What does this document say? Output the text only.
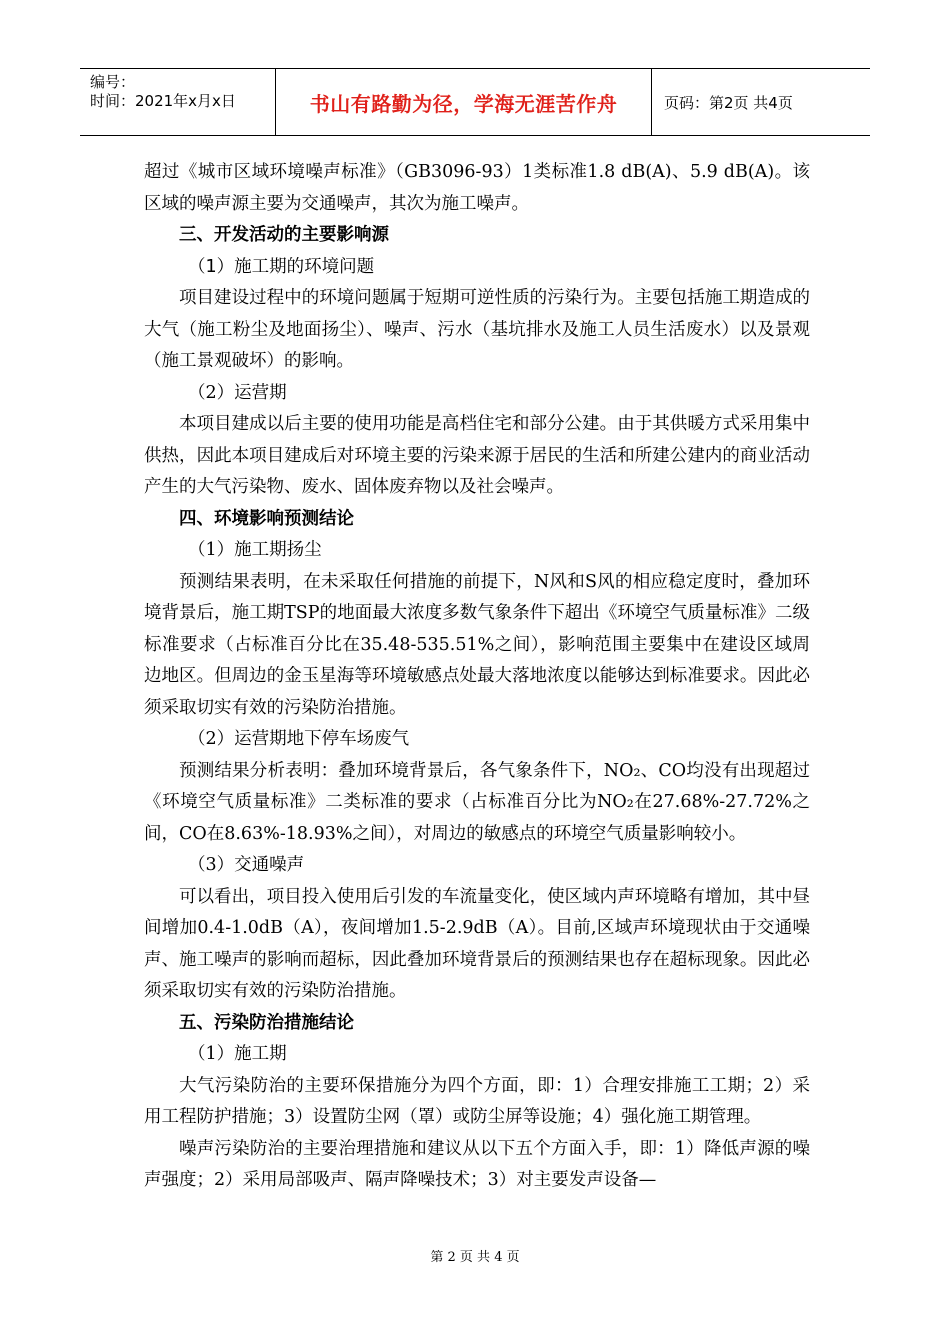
编号：
时间：2021年x月x日	书山有路勤为径，学海无涯苦作舟	页码：第2页 共4页

超过《城市区域环境噪声标准》（GB3096-93）1类标准1.8 dB(A)、5.9 dB(A)。该区域的噪声源主要为交通噪声，其次为施工噪声。

三、开发活动的主要影响源

（1）施工期的环境问题

项目建设过程中的环境问题属于短期可逆性质的污染行为。主要包括施工期造成的大气（施工粉尘及地面扬尘）、噪声、污水（基坑排水及施工人员生活废水）以及景观（施工景观破坏）的影响。

（2）运营期

本项目建成以后主要的使用功能是高档住宅和部分公建。由于其供暖方式采用集中供热，因此本项目建成后对环境主要的污染来源于居民的生活和所建公建内的商业活动产生的大气污染物、废水、固体废弃物以及社会噪声。

四、环境影响预测结论

（1）施工期扬尘

预测结果表明，在未采取任何措施的前提下，N风和S风的相应稳定度时，叠加环境背景后，施工期TSP的地面最大浓度多数气象条件下超出《环境空气质量标准》二级标准要求（占标准百分比在35.48-535.51%之间），影响范围主要集中在建设区域周边地区。但周边的金玉星海等环境敏感点处最大落地浓度以能够达到标准要求。因此必须采取切实有效的污染防治措施。

（2）运营期地下停车场废气

预测结果分析表明：叠加环境背景后，各气象条件下，NO₂、CO均没有出现超过《环境空气质量标准》二类标准的要求（占标准百分比为NO₂在27.68%-27.72%之间，CO在8.63%-18.93%之间），对周边的敏感点的环境空气质量影响较小。

（3）交通噪声

可以看出，项目投入使用后引发的车流量变化，使区域内声环境略有增加，其中昼间增加0.4-1.0dB（A），夜间增加1.5-2.9dB（A）。目前,区域声环境现状由于交通噪声、施工噪声的影响而超标，因此叠加环境背景后的预测结果也存在超标现象。因此必须采取切实有效的污染防治措施。

五、污染防治措施结论

（1）施工期

大气污染防治的主要环保措施分为四个方面，即：1）合理安排施工工期；2）采用工程防护措施；3）设置防尘网（罩）或防尘屏等设施；4）强化施工期管理。

噪声污染防治的主要治理措施和建议从以下五个方面入手，即：1）降低声源的噪声强度；2）采用局部吸声、隔声降噪技术；3）对主要发声设备—

第 2 页 共 4 页
